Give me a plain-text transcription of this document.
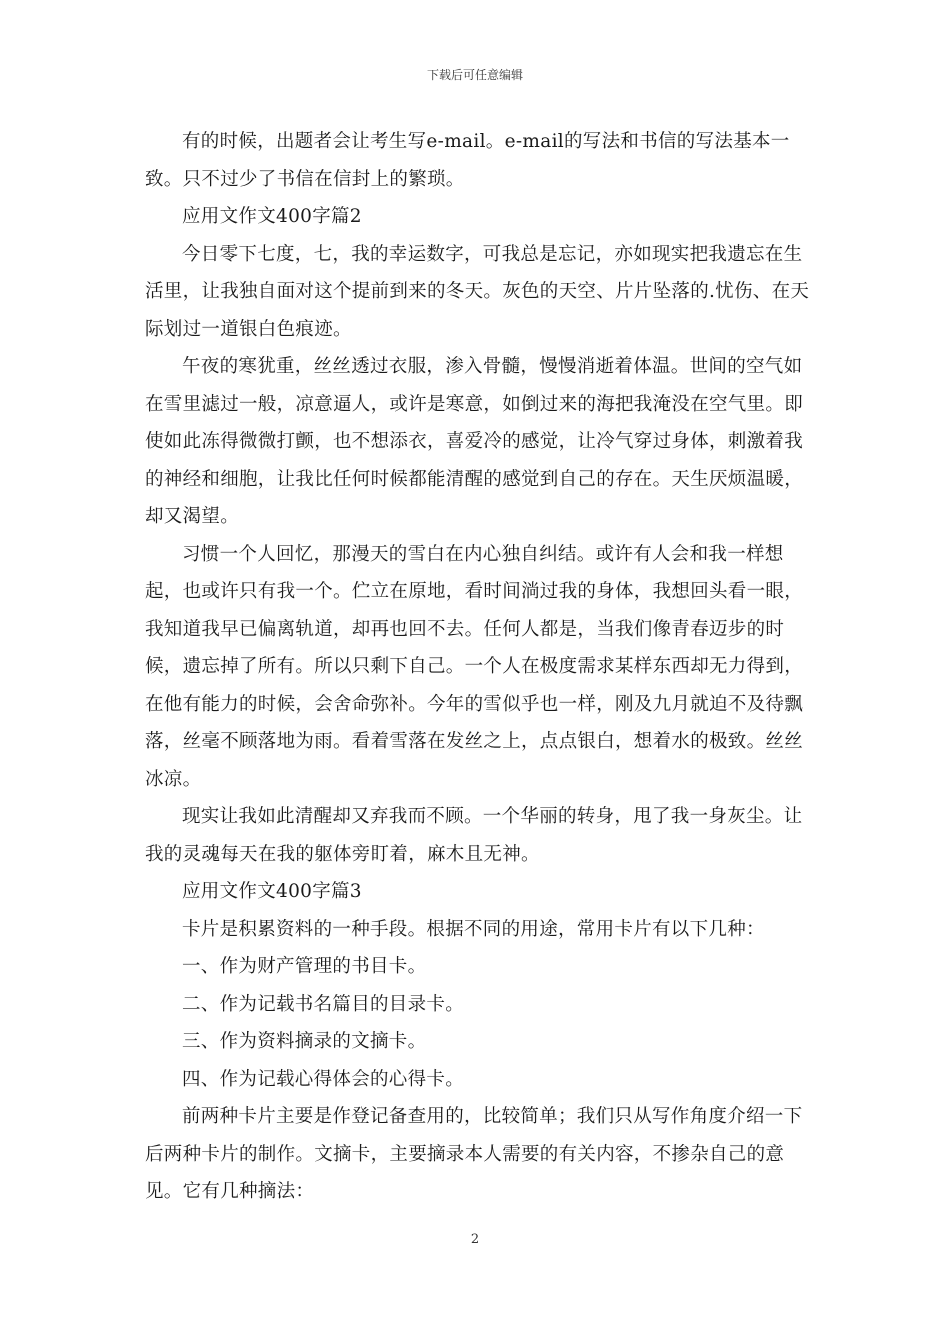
下载后可任意编辑

有的时候，出题者会让考生写e-mail。e-mail的写法和书信的写法基本一致。只不过少了书信在信封上的繁琐。

应用文作文400字篇2

今日零下七度，七，我的幸运数字，可我总是忘记，亦如现实把我遗忘在生活里，让我独自面对这个提前到来的冬天。灰色的天空、片片坠落的.忧伤、在天际划过一道银白色痕迹。

午夜的寒犹重，丝丝透过衣服，渗入骨髓，慢慢消逝着体温。世间的空气如在雪里滤过一般，凉意逼人，或许是寒意，如倒过来的海把我淹没在空气里。即使如此冻得微微打颤，也不想添衣，喜爱冷的感觉，让冷气穿过身体，刺激着我的神经和细胞，让我比任何时候都能清醒的感觉到自己的存在。天生厌烦温暖，却又渴望。

习惯一个人回忆，那漫天的雪白在内心独自纠结。或许有人会和我一样想起，也或许只有我一个。伫立在原地，看时间淌过我的身体，我想回头看一眼，我知道我早已偏离轨道，却再也回不去。任何人都是，当我们像青春迈步的时候，遗忘掉了所有。所以只剩下自己。一个人在极度需求某样东西却无力得到，在他有能力的时候，会舍命弥补。今年的雪似乎也一样，刚及九月就迫不及待飘落，丝毫不顾落地为雨。看着雪落在发丝之上，点点银白，想着水的极致。丝丝冰凉。

现实让我如此清醒却又弃我而不顾。一个华丽的转身，甩了我一身灰尘。让我的灵魂每天在我的躯体旁盯着，麻木且无神。

应用文作文400字篇3

卡片是积累资料的一种手段。根据不同的用途，常用卡片有以下几种：

一、作为财产管理的书目卡。

二、作为记载书名篇目的目录卡。

三、作为资料摘录的文摘卡。

四、作为记载心得体会的心得卡。

前两种卡片主要是作登记备查用的，比较简单；我们只从写作角度介绍一下后两种卡片的制作。文摘卡，主要摘录本人需要的有关内容，不掺杂自己的意见。它有几种摘法：

2
